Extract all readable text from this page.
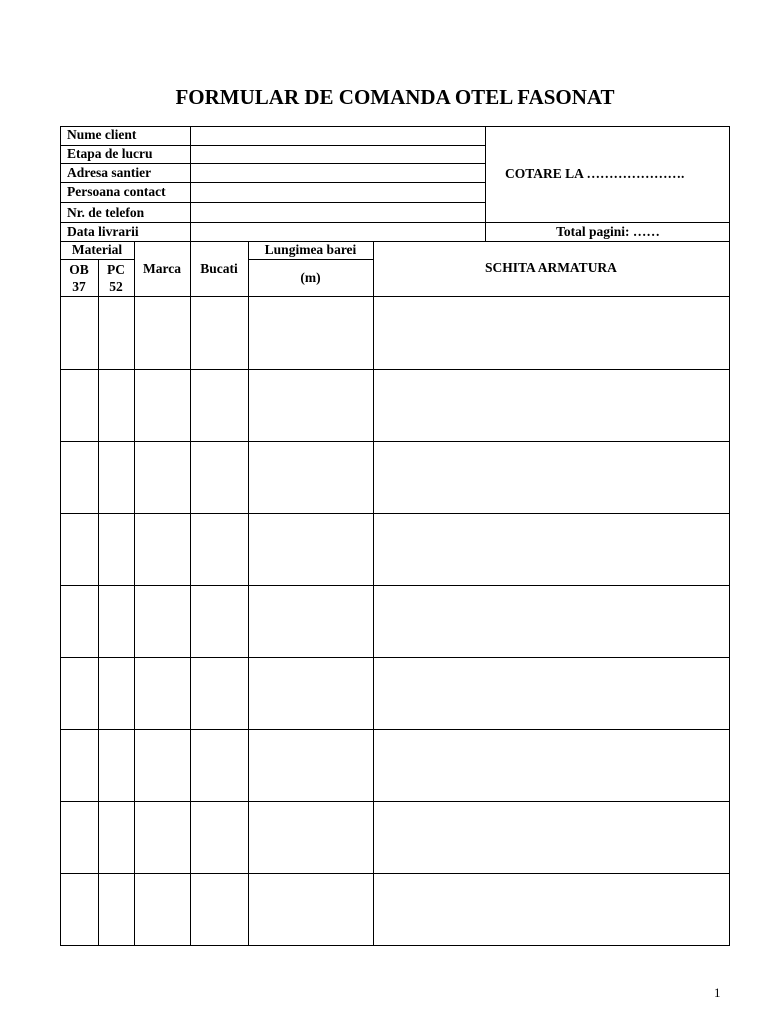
FORMULAR DE COMANDA OTEL FASONAT
Nume client
Etapa de lucru
Adresa santier
Persoana contact
Nr. de telefon
Data livrarii
COTARE LA ………………….
Total pagini: ……
Material
OB
37
PC
52
Marca	Bucati
Lungimea barei
(m)
SCHITA ARMATURA
1
